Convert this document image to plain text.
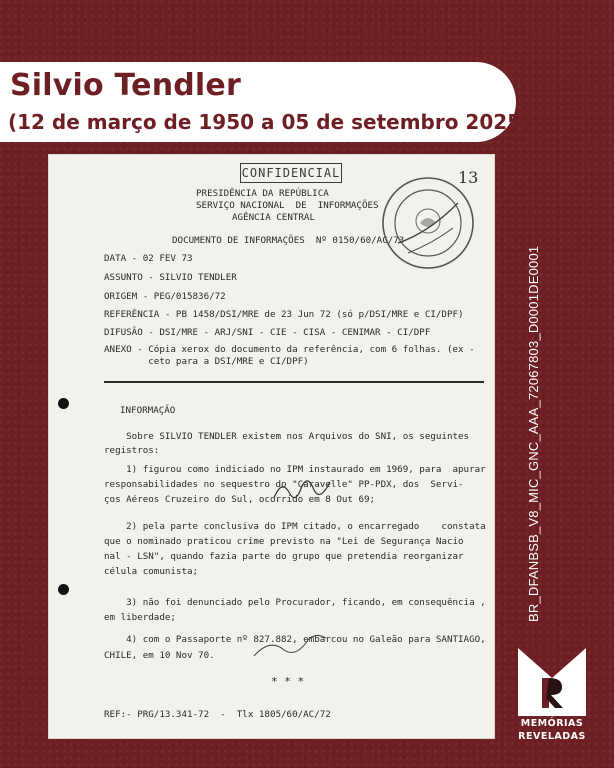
Silvio Tendler
(12 de março de 1950 a 05 de setembro 2025)
CONFIDENCIAL
PRESIDÊNCIA DA REPÚBLICA
SERVIÇO NACIONAL  DE  INFORMAÇÕES
AGÊNCIA CENTRAL
DOCUMENTO DE INFORMAÇÕES  Nº 0150/60/AC/73
13
DATA - 02 FEV 73
ASSUNTO - SILVIO TENDLER
ORIGEM - PEG/015836/72
REFERÊNCIA - PB 1458/DSI/MRE de 23 Jun 72 (só p/DSI/MRE e CI/DPF)
DIFUSÃO - DSI/MRE - ARJ/SNI - CIE - CISA - CENIMAR - CI/DPF
ANEXO - Cópia xerox do documento da referência, com 6 folhas. (ex -
ceto para a DSI/MRE e CI/DPF)
INFORMAÇÃO
Sobre SILVIO TENDLER existem nos Arquivos do SNI, os seguintes
registros:
1) figurou como indiciado no IPM instaurado em 1969, para  apurar
responsabilidades no sequestro do "Caravelle" PP-PDX, dos  Servi-
ços Aéreos Cruzeiro do Sul, ocorrido em 8 Out 69;
2) pela parte conclusiva do IPM citado, o encarregado    constata
que o nominado praticou crime previsto na "Lei de Segurança Nacio
nal - LSN", quando fazia parte do grupo que pretendia reorganizar
célula comunista;
3) não foi denunciado pelo Procurador, ficando, em consequência ,
em liberdade;
4) com o Passaporte nº 827.882, embarcou no Galeão para SANTIAGO,
CHILE, em 10 Nov 70.
* * *
REF:- PRG/13.341-72  -  Tlx 1805/60/AC/72
BR_DFANBSB_V8_MIC_GNC_AAA_72067803_D0001DE0001
MEMÓRIAS
REVELADAS
